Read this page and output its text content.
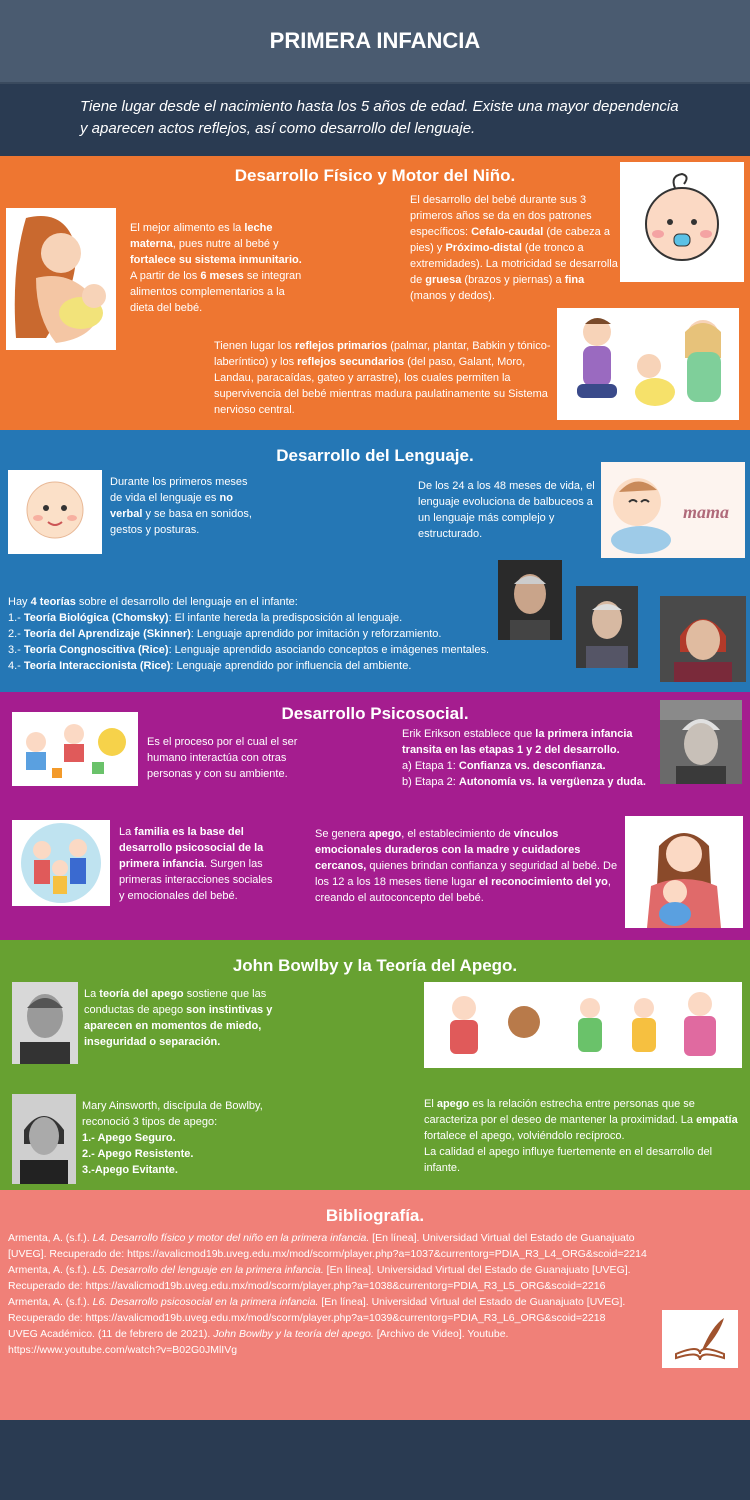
PRIMERA INFANCIA
Tiene lugar desde el nacimiento hasta los 5 años de edad. Existe una mayor dependencia y aparecen actos reflejos, así como desarrollo del lenguaje.
Desarrollo Físico y Motor del Niño.
El mejor alimento es la leche materna, pues nutre al bebé y fortalece su sistema inmunitario. A partir de los 6 meses se integran alimentos complementarios a la dieta del bebé.
El desarrollo del bebé durante sus 3 primeros años se da en dos patrones específicos: Cefalo-caudal (de cabeza a pies) y Próximo-distal (de tronco a extremidades). La motricidad se desarrolla de gruesa (brazos y piernas) a fina (manos y dedos).
Tienen lugar los reflejos primarios (palmar, plantar, Babkin y tónico-laberíntico) y los reflejos secundarios (del paso, Galant, Moro, Landau, paracaídas, gateo y arrastre), los cuales permiten la supervivencia del bebé mientras madura paulatinamente su Sistema nervioso central.
Desarrollo del Lenguaje.
Durante los primeros meses de vida el lenguaje es no verbal y se basa en sonidos, gestos y posturas.
De los 24 a los 48 meses de vida, el lenguaje evoluciona de balbuceos a un lenguaje más complejo y estructurado.
mama
Hay 4 teorías sobre el desarrollo del lenguaje en el infante:
1.- Teoría Biológica (Chomsky): El infante hereda la predisposición al lenguaje.
2.- Teoría del Aprendizaje (Skinner): Lenguaje aprendido por imitación y reforzamiento.
3.- Teoría Congnoscitiva (Rice): Lenguaje aprendido asociando conceptos e imágenes mentales.
4.- Teoría Interaccionista (Rice): Lenguaje aprendido por influencia del ambiente.
Desarrollo Psicosocial.
Es el proceso por el cual el ser humano interactúa con otras personas y con su ambiente.
Erik Erikson establece que la primera infancia transita en las etapas 1 y 2 del desarrollo.
a) Etapa 1: Confianza vs. desconfianza.
b) Etapa 2: Autonomía vs. la vergüenza y duda.
La familia es la base del desarrollo psicosocial de la primera infancia. Surgen las primeras interacciones sociales y emocionales del bebé.
Se genera apego, el establecimiento de vínculos emocionales duraderos con la madre y cuidadores cercanos, quienes brindan confianza y seguridad al bebé. De los 12 a los 18 meses tiene lugar el reconocimiento del yo, creando el autoconcepto del bebé.
John Bowlby y la Teoría del Apego.
La teoría del apego sostiene que las conductas de apego son instintivas y aparecen en momentos de miedo, inseguridad o separación.
Mary Ainsworth, discípula de Bowlby, reconoció 3 tipos de apego:
1.- Apego Seguro.
2.- Apego Resistente.
3.-Apego Evitante.
El apego es la relación estrecha entre personas que se caracteriza por el deseo de mantener la proximidad. La empatía fortalece el apego, volviéndolo recíproco.
La calidad el apego influye fuertemente en el desarrollo del infante.
Bibliografía.
Armenta, A. (s.f.). L4. Desarrollo físico y motor del niño en la primera infancia. [En línea]. Universidad Virtual del Estado de Guanajuato [UVEG]. Recuperado de: https://avalicmod19b.uveg.edu.mx/mod/scorm/player.php?a=1037&currentorg=PDIA_R3_L4_ORG&scoid=2214
Armenta, A. (s.f.). L5. Desarrollo del lenguaje en la primera infancia. [En línea]. Universidad Virtual del Estado de Guanajuato [UVEG]. Recuperado de: https://avalicmod19b.uveg.edu.mx/mod/scorm/player.php?a=1038&currentorg=PDIA_R3_L5_ORG&scoid=2216
Armenta, A. (s.f.). L6. Desarrollo psicosocial en la primera infancia. [En línea]. Universidad Virtual del Estado de Guanajuato [UVEG]. Recuperado de: https://avalicmod19b.uveg.edu.mx/mod/scorm/player.php?a=1039&currentorg=PDIA_R3_L6_ORG&scoid=2218
UVEG Académico. (11 de febrero de 2021). John Bowlby y la teoría del apego. [Archivo de Video]. Youtube. https://www.youtube.com/watch?v=B02G0JMlIVg
